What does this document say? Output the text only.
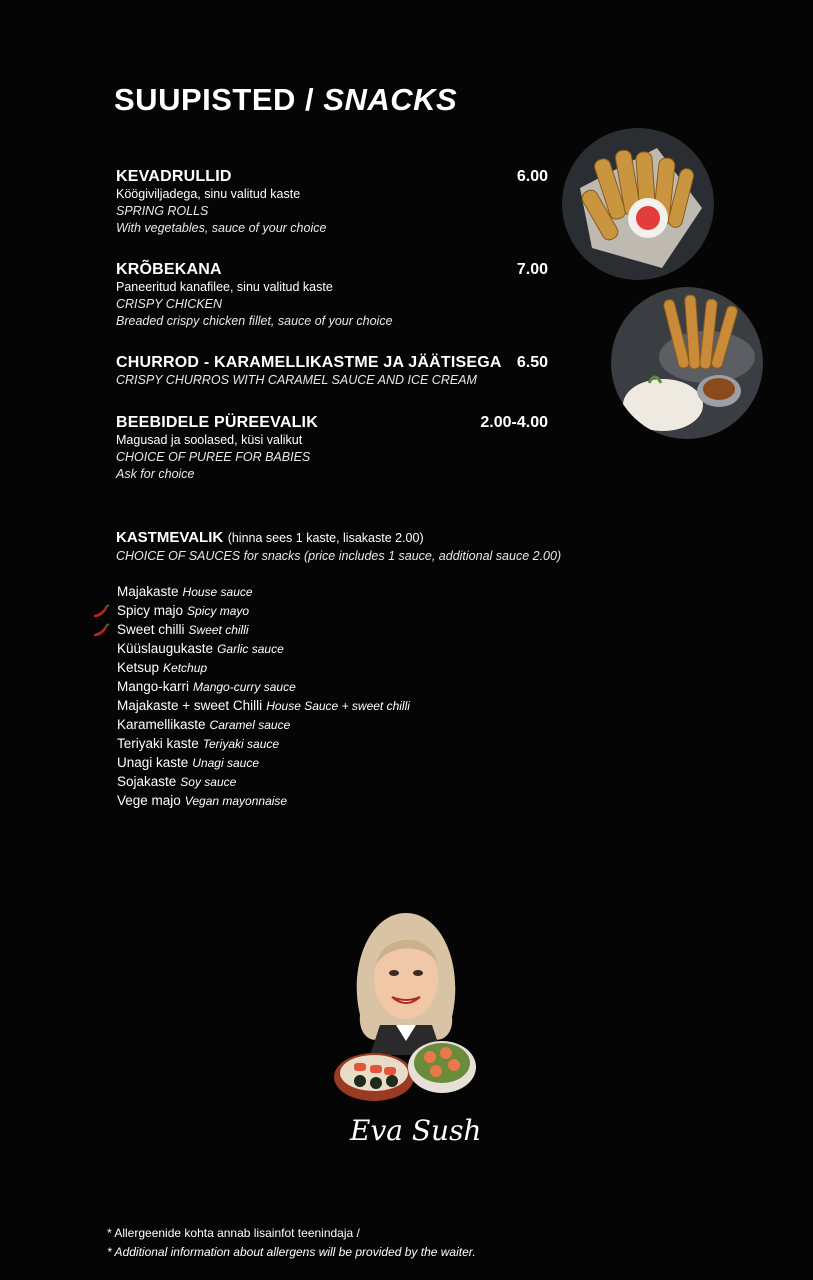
SUUPISTED / SNACKS
KEVADRULLID	6.00
Köögiviljadega, sinu valitud kaste
SPRING ROLLS
With vegetables, sauce of your choice
KRÕBEKANA	7.00
Paneeritud kanafilee, sinu valitud kaste
CRISPY CHICKEN
Breaded crispy chicken fillet, sauce of your choice
CHURROD - KARAMELLIKASTME JA JÄÄTISEGA 6.50
CRISPY CHURROS WITH CARAMEL SAUCE AND ICE CREAM
BEEBIDELE PÜREEVALIK	2.00-4.00
Magusad ja soolased, küsi valikut
CHOICE OF PUREE FOR BABIES
Ask for choice
KASTMEVALIK (hinna sees 1 kaste, lisakaste 2.00)
CHOICE OF SAUCES for snacks (price includes 1 sauce, additional sauce 2.00)
Majakaste House sauce
Spicy majo Spicy mayo
Sweet chilli Sweet chilli
Küüslaugukaste Garlic sauce
Ketsup Ketchup
Mango-karri Mango-curry sauce
Majakaste + sweet Chilli House Sauce + sweet chilli
Karamellikaste Caramel sauce
Teriyaki kaste Teriyaki sauce
Unagi kaste Unagi sauce
Sojakaste Soy sauce
Vege majo Vegan mayonnaise
Eva Sushi
* Allergeenide kohta annab lisainfot teenindaja /
* Additional information about allergens will be provided by the waiter.
